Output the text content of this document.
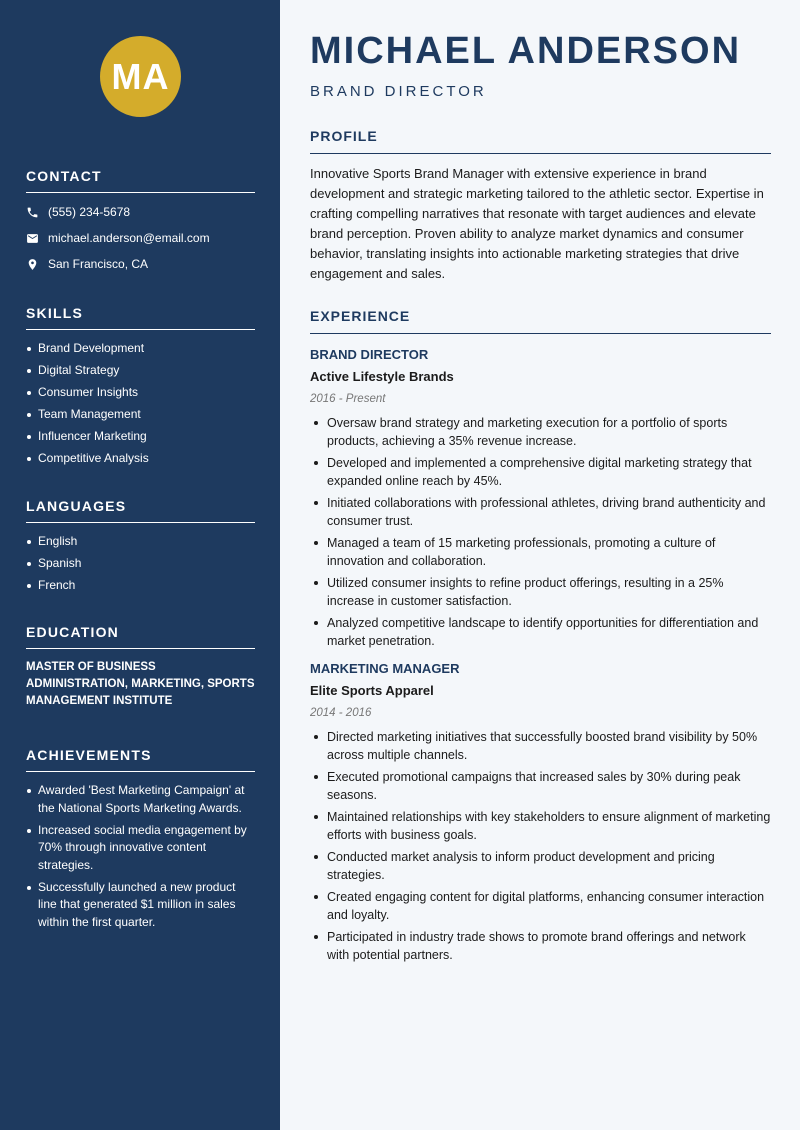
MA
CONTACT
(555) 234-5678
michael.anderson@email.com
San Francisco, CA
SKILLS
Brand Development
Digital Strategy
Consumer Insights
Team Management
Influencer Marketing
Competitive Analysis
LANGUAGES
English
Spanish
French
EDUCATION
MASTER OF BUSINESS ADMINISTRATION, MARKETING, SPORTS MANAGEMENT INSTITUTE
ACHIEVEMENTS
Awarded 'Best Marketing Campaign' at the National Sports Marketing Awards.
Increased social media engagement by 70% through innovative content strategies.
Successfully launched a new product line that generated $1 million in sales within the first quarter.
MICHAEL ANDERSON
BRAND DIRECTOR
PROFILE

Innovative Sports Brand Manager with extensive experience in brand development and strategic marketing tailored to the athletic sector. Expertise in crafting compelling narratives that resonate with target audiences and elevate brand perception. Proven ability to analyze market dynamics and consumer behavior, translating insights into actionable marketing strategies that drive engagement and sales.

EXPERIENCE
BRAND DIRECTOR
Active Lifestyle Brands
2016 - Present
Oversaw brand strategy and marketing execution for a portfolio of sports products, achieving a 35% revenue increase.
Developed and implemented a comprehensive digital marketing strategy that expanded online reach by 45%.
Initiated collaborations with professional athletes, driving brand authenticity and consumer trust.
Managed a team of 15 marketing professionals, promoting a culture of innovation and collaboration.
Utilized consumer insights to refine product offerings, resulting in a 25% increase in customer satisfaction.
Analyzed competitive landscape to identify opportunities for differentiation and market penetration.
MARKETING MANAGER
Elite Sports Apparel
2014 - 2016
Directed marketing initiatives that successfully boosted brand visibility by 50% across multiple channels.
Executed promotional campaigns that increased sales by 30% during peak seasons.
Maintained relationships with key stakeholders to ensure alignment of marketing efforts with business goals.
Conducted market analysis to inform product development and pricing strategies.
Created engaging content for digital platforms, enhancing consumer interaction and loyalty.
Participated in industry trade shows to promote brand offerings and network with potential partners.
